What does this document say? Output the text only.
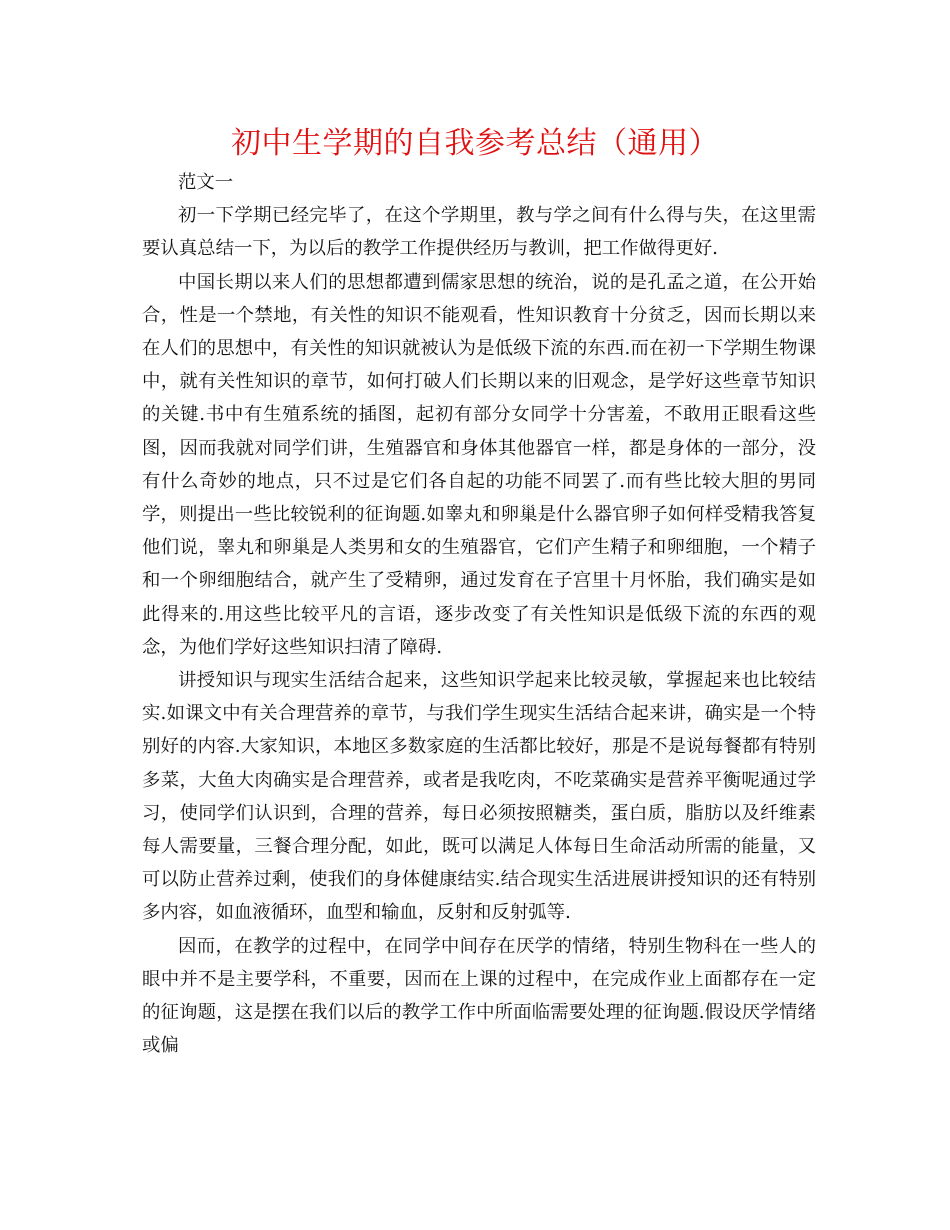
初中生学期的自我参考总结（通用）

范文一

初一下学期已经完毕了，在这个学期里，教与学之间有什么得与失，在这里需要认真总结一下，为以后的教学工作提供经历与教训，把工作做得更好.

中国长期以来人们的思想都遭到儒家思想的统治，说的是孔孟之道，在公开始合，性是一个禁地，有关性的知识不能观看，性知识教育十分贫乏，因而长期以来在人们的思想中，有关性的知识就被认为是低级下流的东西.而在初一下学期生物课中，就有关性知识的章节，如何打破人们长期以来的旧观念，是学好这些章节知识的关键.书中有生殖系统的插图，起初有部分女同学十分害羞，不敢用正眼看这些图，因而我就对同学们讲，生殖器官和身体其他器官一样，都是身体的一部分，没有什么奇妙的地点，只不过是它们各自起的功能不同罢了.而有些比较大胆的男同学，则提出一些比较锐利的征询题.如睾丸和卵巢是什么器官卵子如何样受精我答复他们说，睾丸和卵巢是人类男和女的生殖器官，它们产生精子和卵细胞，一个精子和一个卵细胞结合，就产生了受精卵，通过发育在子宫里十月怀胎，我们确实是如此得来的.用这些比较平凡的言语，逐步改变了有关性知识是低级下流的东西的观念，为他们学好这些知识扫清了障碍.

讲授知识与现实生活结合起来，这些知识学起来比较灵敏，掌握起来也比较结实.如课文中有关合理营养的章节，与我们学生现实生活结合起来讲，确实是一个特别好的内容.大家知识，本地区多数家庭的生活都比较好，那是不是说每餐都有特别多菜，大鱼大肉确实是合理营养，或者是我吃肉，不吃菜确实是营养平衡呢通过学习，使同学们认识到，合理的营养，每日必须按照糖类，蛋白质，脂肪以及纤维素每人需要量，三餐合理分配，如此，既可以满足人体每日生命活动所需的能量，又可以防止营养过剩，使我们的身体健康结实.结合现实生活进展讲授知识的还有特别多内容，如血液循环，血型和输血，反射和反射弧等.

因而，在教学的过程中，在同学中间存在厌学的情绪，特别生物科在一些人的眼中并不是主要学科，不重要，因而在上课的过程中，在完成作业上面都存在一定的征询题，这是摆在我们以后的教学工作中所面临需要处理的征询题.假设厌学情绪或偏
